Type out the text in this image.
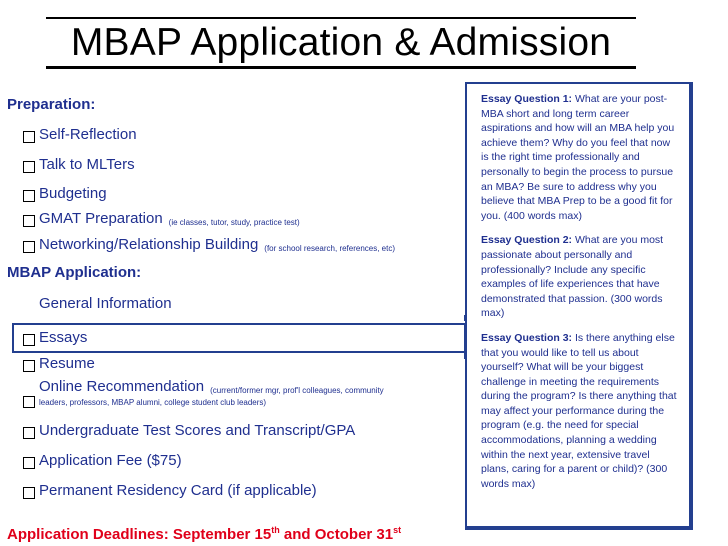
MBAP Application & Admission
Preparation:
Self-Reflection
Talk to MLTers
Budgeting
GMAT Preparation (ie classes, tutor, study, practice test)
Networking/Relationship Building (for school research, references, etc)
MBAP Application:
General Information
Essays
Resume
Online Recommendation (current/former mgr, prof'l colleagues, community
leaders, professors, MBAP alumni, college student club leaders)
Undergraduate Test Scores and Transcript/GPA
Application Fee ($75)
Permanent Residency Card (if applicable)

Essay Question 1: What are your post-MBA short and long term career aspirations and how will an MBA help you achieve them? Why do you feel that now is the right time professionally and personally to begin the process to pursue an MBA? Be sure to address why you believe that MBA Prep to be a good fit for you. (400 words max)

Essay Question 2: What are you most passionate about personally and professionally? Include any specific examples of life experiences that have demonstrated that passion. (300 words max)

Essay Question 3: Is there anything else that you would like to tell us about yourself? What will be your biggest challenge in meeting the requirements during the program? Is there anything that may affect your performance during the program (e.g. the need for special accommodations, planning a wedding within the next year, extensive travel plans, caring for a parent or child)? (300 words max)

Application Deadlines: September 15th and October 31st
